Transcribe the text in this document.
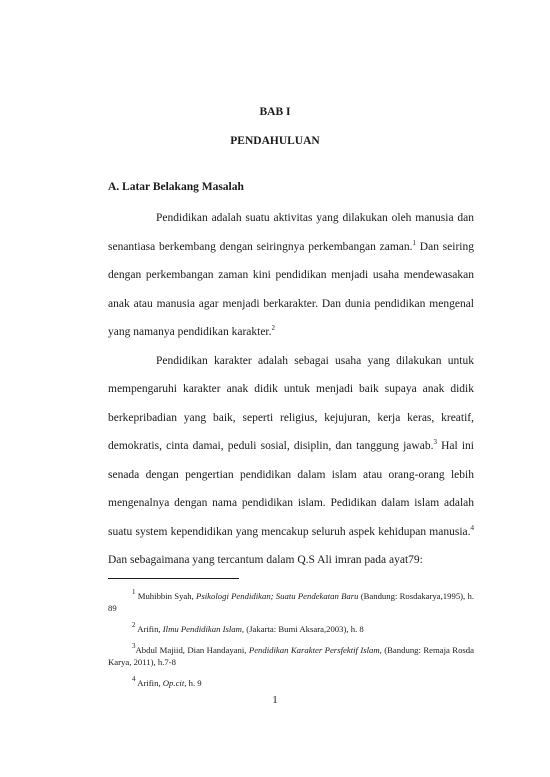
BAB I
PENDAHULUAN
A. Latar Belakang Masalah

Pendidikan adalah suatu aktivitas yang dilakukan oleh manusia dan senantiasa berkembang dengan seiringnya perkembangan zaman.$^1$ Dan seiring dengan perkembangan zaman kini pendidikan menjadi usaha mendewasakan anak atau manusia agar menjadi berkarakter. Dan dunia pendidikan mengenal yang namanya pendidikan karakter.$^2$

Pendidikan karakter adalah sebagai usaha yang dilakukan untuk mempengaruhi karakter anak didik untuk menjadi baik supaya anak didik berkepribadian yang baik, seperti religius, kejujuran, kerja keras, kreatif, demokratis, cinta damai, peduli sosial, disiplin, dan tanggung jawab.$^3$ Hal ini senada dengan pengertian pendidikan dalam islam atau orang-orang lebih mengenalnya dengan nama pendidikan islam. Pedidikan dalam islam adalah suatu system kependidikan yang mencakup seluruh aspek kehidupan manusia.$^4$ Dan sebagaimana yang tercantum dalam Q.S Ali imran pada ayat79:

$^1$ Muhibbin Syah, Psikologi Pendidikan; Suatu Pendekatan Baru (Bandung: Rosdakarya,1995), h. 89

$^2$ Arifin, Ilmu Pendidikan Islam, (Jakarta: Bumi Aksara,2003), h. 8

$^3$Abdul Majiid, Dian Handayani, Pendidikan Karakter Persfektif Islam, (Bandung: Remaja Rosda Karya, 2011), h.7-8

$^4$ Arifin, Op.cit, h. 9

1
